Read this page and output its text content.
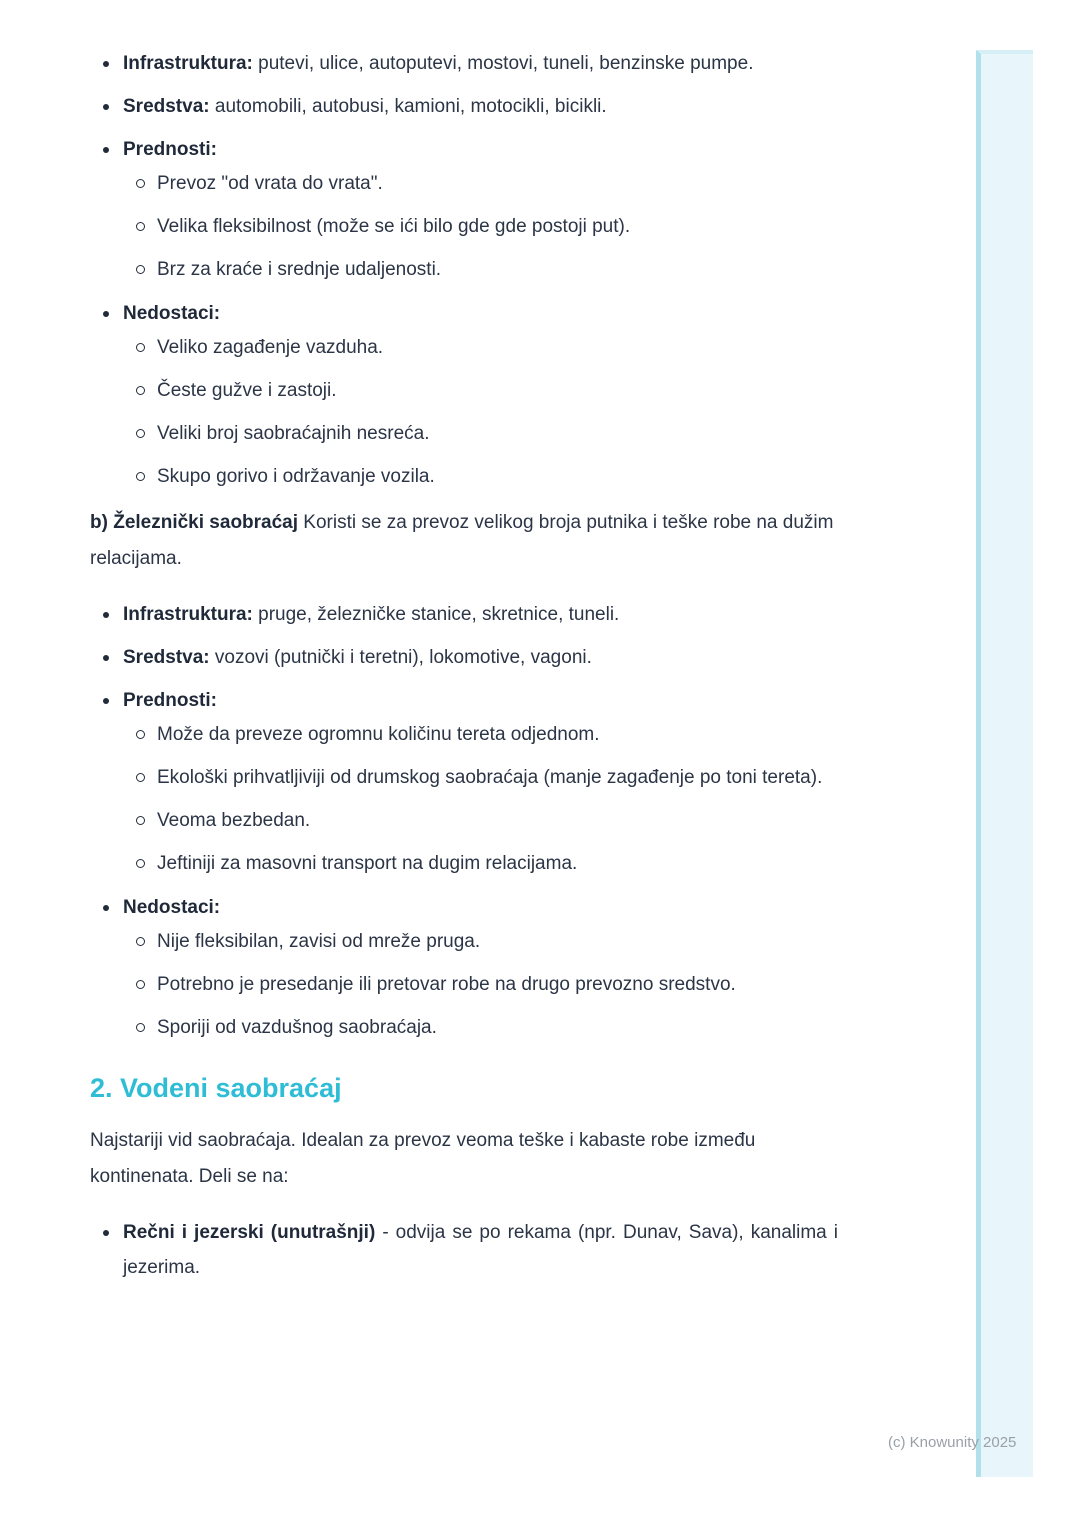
Infrastruktura: putevi, ulice, autoputevi, mostovi, tuneli, benzinske pumpe.
Sredstva: automobili, autobusi, kamioni, motocikli, bicikli.
Prednosti:
Prevoz "od vrata do vrata".
Velika fleksibilnost (može se ići bilo gde gde postoji put).
Brz za kraće i srednje udaljenosti.
Nedostaci:
Veliko zagađenje vazduha.
Česte gužve i zastoji.
Veliki broj saobraćajnih nesreća.
Skupo gorivo i održavanje vozila.

b) Železnički saobraćaj Koristi se za prevoz velikog broja putnika i teške robe na dužim relacijama.

Infrastruktura: pruge, železničke stanice, skretnice, tuneli.
Sredstva: vozovi (putnički i teretni), lokomotive, vagoni.
Prednosti:
Može da preveze ogromnu količinu tereta odjednom.
Ekološki prihvatljiviji od drumskog saobraćaja (manje zagađenje po toni tereta).
Veoma bezbedan.
Jeftiniji za masovni transport na dugim relacijama.
Nedostaci:
Nije fleksibilan, zavisi od mreže pruga.
Potrebno je presedanje ili pretovar robe na drugo prevozno sredstvo.
Sporiji od vazdušnog saobraćaja.
2. Vodeni saobraćaj

Najstariji vid saobraćaja. Idealan za prevoz veoma teške i kabaste robe između kontinenata. Deli se na:

Rečni i jezerski (unutrašnji) - odvija se po rekama (npr. Dunav, Sava), kanalima i jezerima.
(c) Knowunity 2025
